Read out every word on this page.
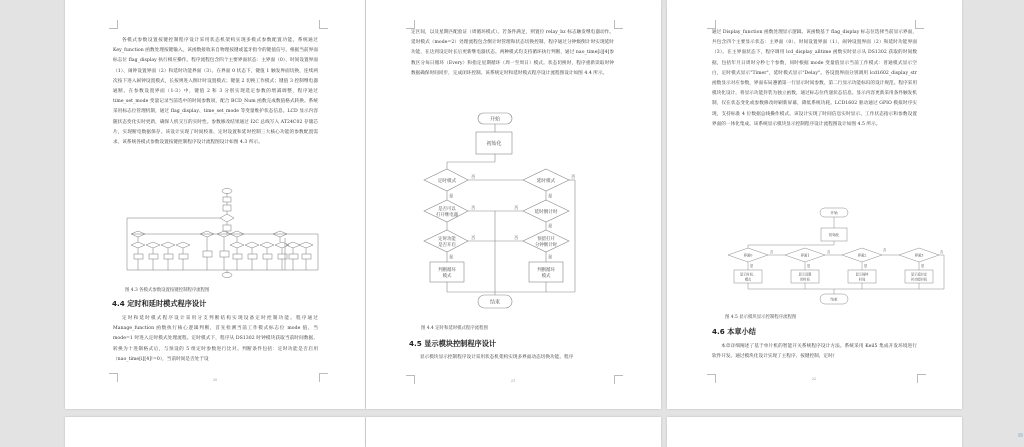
各模式参数设置按键控制程序设计采用状态机架构实现多模式参数配置功能。系统通过 Key_function 函数处理按键输入，该函数接收来自物理按键或蓝牙指令的键值信号，根据当前界面标志位 flag_display 执行相应操作。程序流程包含四个主要界面状态：主界面（0）、时间设置界面（1）、闹钟设置界面（2）和延时功能界面（3）。在界面 0 状态下，键值 1 触发界面切换，连续两次按下进入闹钟设置模式，长按则进入倒计时设置模式；键值 2 切换工作模式；键值 3 控制继电器通断。在参数设置界面（1-3）中，键值 2 和 3 分别实现选定参数的增减调整，程序通过 time_set_mode 变量记录当前选中的时间参数项，配合 BCD_Num 函数完成数值格式转换。系统采用标志位管理机制，通过 flag_display、time_set_mode 等变量维护状态信息。LCD 显示内容随状态变化实时更新，确保人机交互的实时性。参数修改结果通过 I2C 总线写入 AT24C02 存储芯片，实现断电数据保存。该设计实现了时间校准、定时设置和延时控制三大核心功能的参数配置需求。该系统各模式参数设置按键控制程序设计流程图设计如图 4.3 所示。

图 4.3 各模式参数设置按键控制程序流程图
4.4 定时和延时模式程序设计

定时和延时模式程序设计采用分支判断结构实现设备定时控制功能。程序通过 Manage_function 函数执行核心逻辑判断，首先检测当前工作模式标志位 mode 值，当 mode=1 时进入定时模式处理流程。定时模式下，程序从 DS1302 时钟模块获取当前时间数据，转换为十进制格式后，与预设的 5 组定时参数进行比对。判断条件包括：定时功能是否启用（nao_time[i][4]!=0），当前时间是否处于设

20

定区间，以及星期匹配验证（周循环模式）。若条件满足，则置位 relay_bz 标志触发继电器动作。延时模式（mode=2）处理流程包含倒计时管理和状态切换控制。程序通过分钟级倒计时实现延时功能，在达到设定时长后更新继电器状态。两种模式均支持循环执行判断，通过 nao_time[i][4]参数区分每日循环（Every）和指定星期循环（周一至周日）模式。状态切换时，程序重新读取时钟数据确保时间同步，完成闭环控制。该系统定时和延时模式程序设计流程图设计如图 4.4 所示。

开始
初始化
定时模式	延时模式
是否可以
打开继电器
延时倒计时
定时功能
是否开启
预留打开
分钟倒计时
判断循环
模式
判断循环
模式
结束
否	否
是	是
否	否
是
否	否
是	是
图 4.4 定时和延时模式程序流程图
4.5 显示模块控制程序设计

显示模块显示控制程序设计采用状态机架构实现多界面动态切换功能。程序

21

通过 Display_function 函数处理显示逻辑。该函数基于 flag_display 标志位选择当前显示界面，共包含四个主要显示状态：主界面（0）、时间设置界面（1）、闹钟设置界面（2）和延时功能界面（3）。在主界面状态下，程序调用 lcd_display_alltime 函数实时显示从 DS1302 获取的时间数据，包括年月日周时分秒七个参数，同时根据 mode 变量值显示当前工作模式：普通模式显示空白，定时模式显示"Timer"，延时模式显示"Delay"。各设置界面分别调用 lcd1602_display_str 函数显示对应参数，界面布局遵循第一行显示时间参数、第二行显示功能标识的设计规范。程序采用模块化设计，将显示功能封装为独立函数，通过标志位传递状态信息。显示内容更新采用条件触发机制，仅在状态变化或参数修改时刷新屏幕，降低系统功耗。LCD1602 驱动通过 GPIO 模拟时序实现，支持标准 4 位数据总线操作模式。该设计实现了时间信息实时显示、工作状态指示和参数设置界面的一体化集成。该系统显示模块显示控制程序设计流程图设计如图 4.5 所示。

开始
初始化
界面0	界面1	界面2	界面3
显示时间、
模式
显示设置
的时间
显示闹钟
时间
显示延时定
时功能时间
结束
否	否	否	否
是	是	是	是
图 4.5 显示模块显示控制程序流程图
4.6 本章小结

本章详细阐述了基于单片机的智能开关系统程序设计方法。系统采用 Keil5 集成开发环境进行软件开发。通过模块化设计实现了主程序、按键控制、定时/

22
